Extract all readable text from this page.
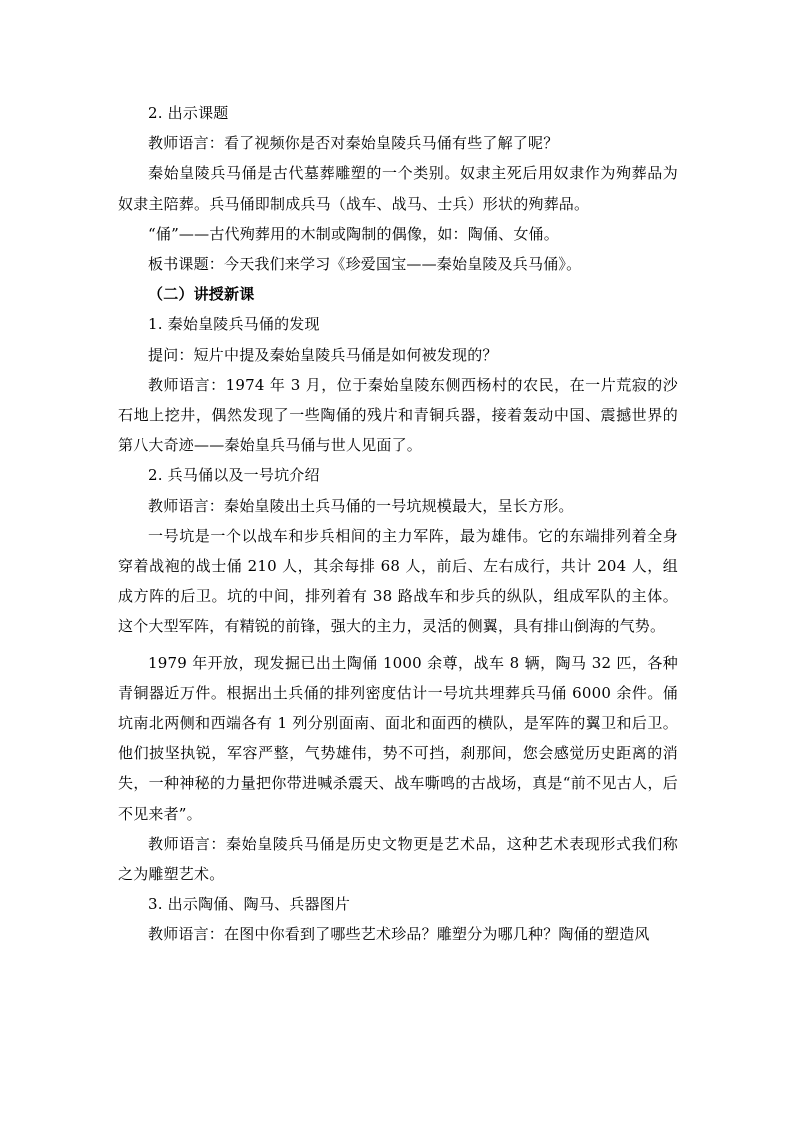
2. 出示课题

教师语言：看了视频你是否对秦始皇陵兵马俑有些了解了呢？

秦始皇陵兵马俑是古代墓葬雕塑的一个类别。奴隶主死后用奴隶作为殉葬品为奴隶主陪葬。兵马俑即制成兵马（战车、战马、士兵）形状的殉葬品。

“俑”——古代殉葬用的木制或陶制的偶像，如：陶俑、女俑。

板书课题：今天我们来学习《珍爱国宝——秦始皇陵及兵马俑》。

（二）讲授新课

1. 秦始皇陵兵马俑的发现

提问：短片中提及秦始皇陵兵马俑是如何被发现的？

教师语言：1974 年 3 月，位于秦始皇陵东侧西杨村的农民，在一片荒寂的沙石地上挖井，偶然发现了一些陶俑的残片和青铜兵器，接着轰动中国、震撼世界的第八大奇迹——秦始皇兵马俑与世人见面了。

2. 兵马俑以及一号坑介绍

教师语言：秦始皇陵出土兵马俑的一号坑规模最大，呈长方形。

一号坑是一个以战车和步兵相间的主力军阵，最为雄伟。它的东端排列着全身穿着战袍的战士俑 210 人，其余每排 68 人，前后、左右成行，共计 204 人，组成方阵的后卫。坑的中间，排列着有 38 路战车和步兵的纵队，组成军队的主体。这个大型军阵，有精锐的前锋，强大的主力，灵活的侧翼，具有排山倒海的气势。

1979 年开放，现发掘已出土陶俑 1000 余尊，战车 8 辆，陶马 32 匹，各种青铜器近万件。根据出土兵俑的排列密度估计一号坑共埋葬兵马俑 6000 余件。俑坑南北两侧和西端各有 1 列分别面南、面北和面西的横队，是军阵的翼卫和后卫。他们披坚执锐，军容严整，气势雄伟，势不可挡，刹那间，您会感觉历史距离的消失，一种神秘的力量把你带进喊杀震天、战车嘶鸣的古战场，真是“前不见古人，后不见来者”。

教师语言：秦始皇陵兵马俑是历史文物更是艺术品，这种艺术表现形式我们称之为雕塑艺术。

3. 出示陶俑、陶马、兵器图片

教师语言：在图中你看到了哪些艺术珍品？雕塑分为哪几种？陶俑的塑造风
